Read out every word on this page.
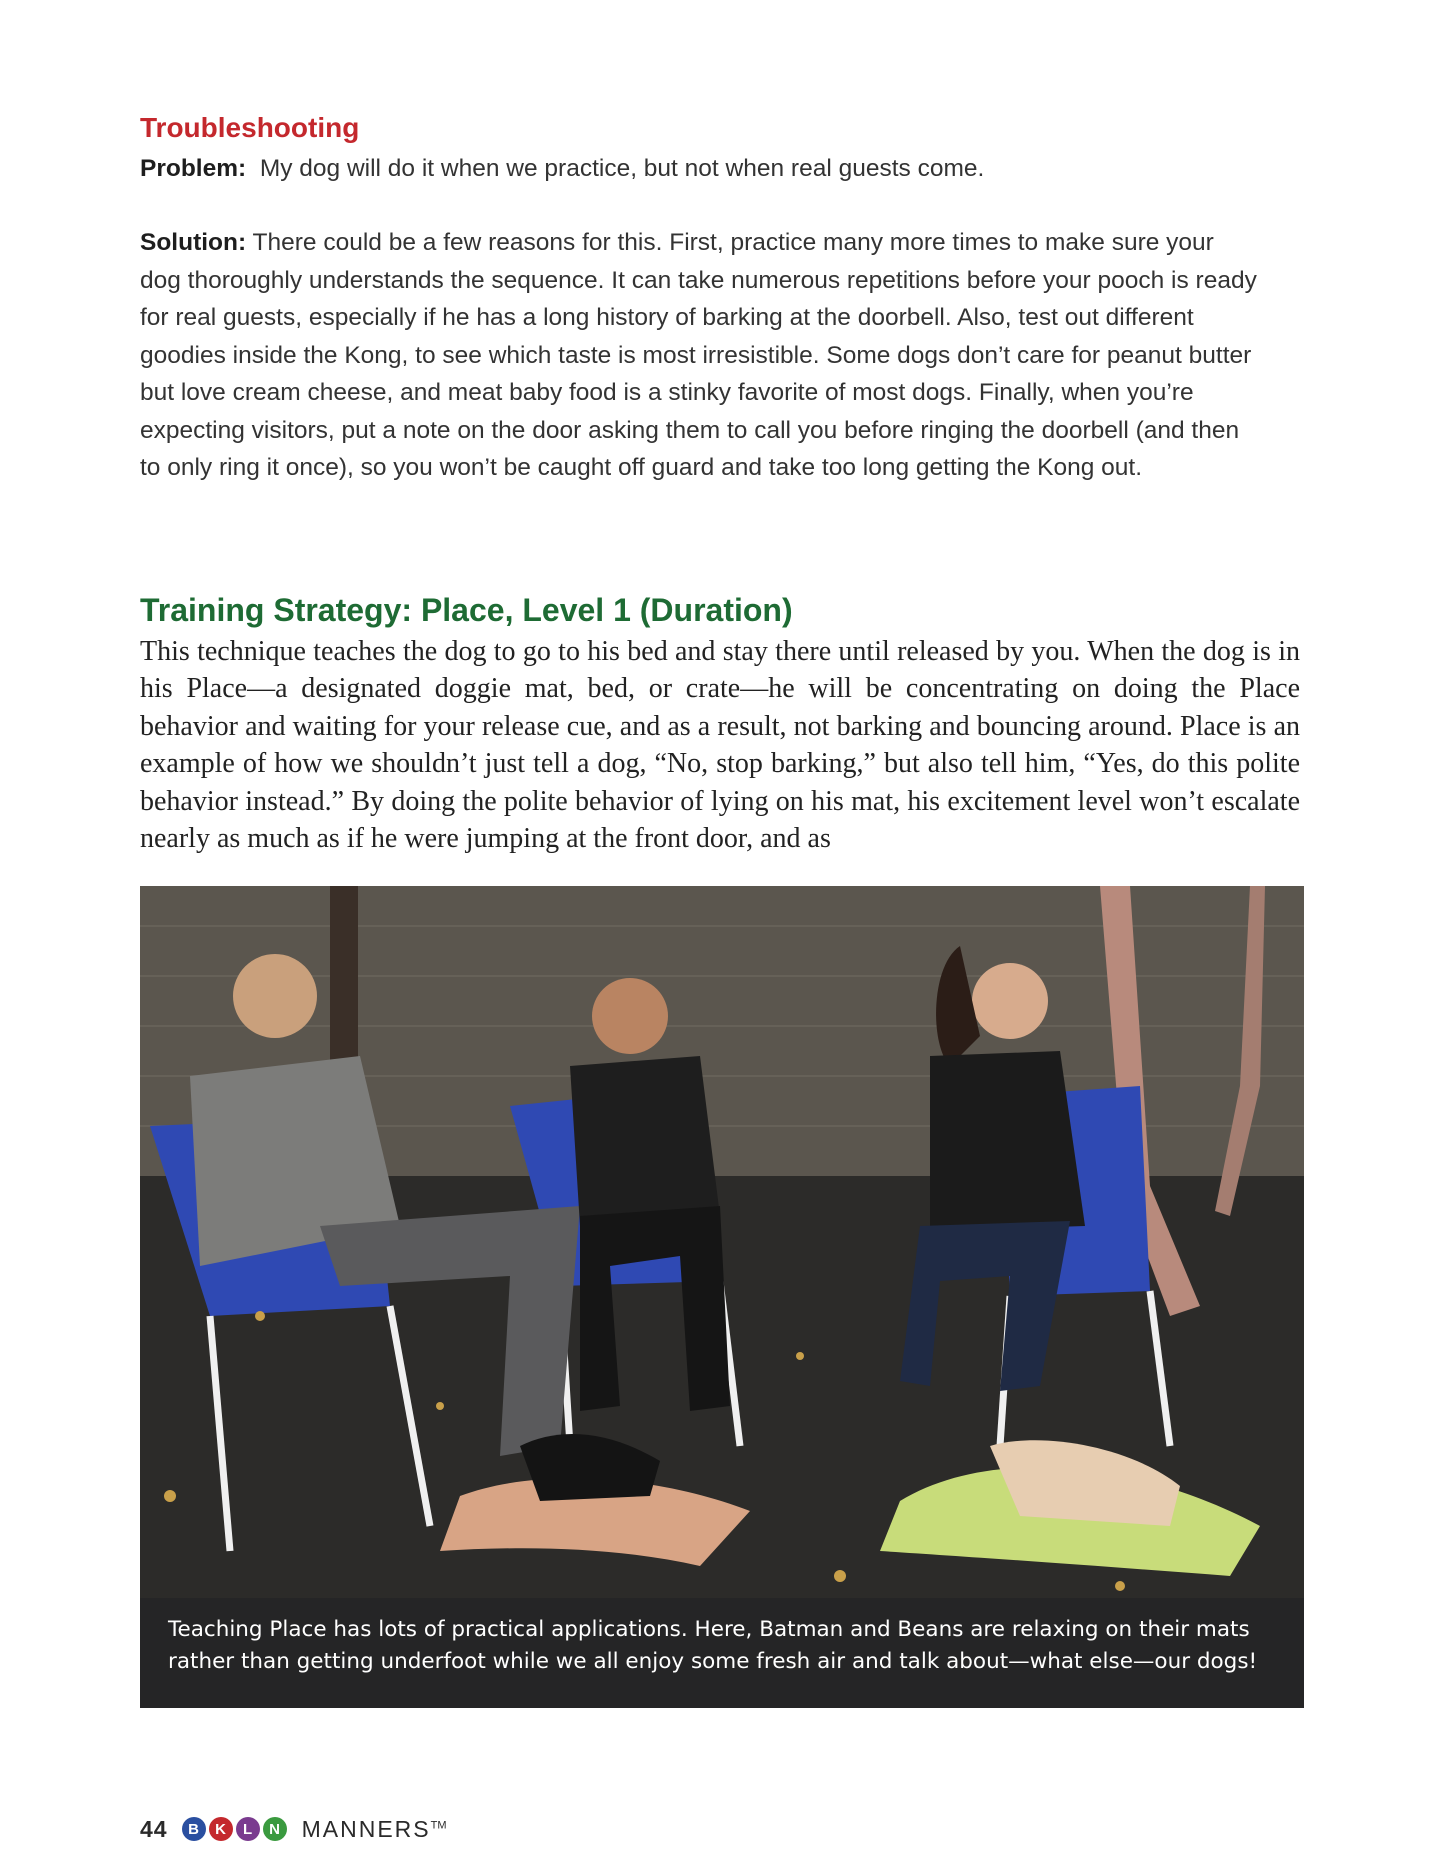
Troubleshooting

Problem: My dog will do it when we practice, but not when real guests come.

Solution: There could be a few reasons for this. First, practice many more times to make sure your dog thoroughly understands the sequence. It can take numerous repetitions before your pooch is ready for real guests, especially if he has a long history of barking at the doorbell. Also, test out different goodies inside the Kong, to see which taste is most irresistible. Some dogs don’t care for peanut butter but love cream cheese, and meat baby food is a stinky favorite of most dogs. Finally, when you’re expecting visitors, put a note on the door asking them to call you before ringing the doorbell (and then to only ring it once), so you won’t be caught off guard and take too long getting the Kong out.

Training Strategy: Place, Level 1 (Duration)

This technique teaches the dog to go to his bed and stay there until released by you. When the dog is in his Place—a designated doggie mat, bed, or crate—he will be concentrating on doing the Place behavior and waiting for your release cue, and as a result, not barking and bouncing around. Place is an example of how we shouldn’t just tell a dog, “No, stop barking,” but also tell him, “Yes, do this polite behavior instead.” By doing the polite behavior of lying on his mat, his excitement level won’t escalate nearly as much as if he were jumping at the front door, and as

Teaching Place has lots of practical applications. Here, Batman and Beans are relaxing on their mats rather than getting underfoot while we all enjoy some fresh air and talk about—what else—our dogs!

44	B	K	L	N MANNERS™
